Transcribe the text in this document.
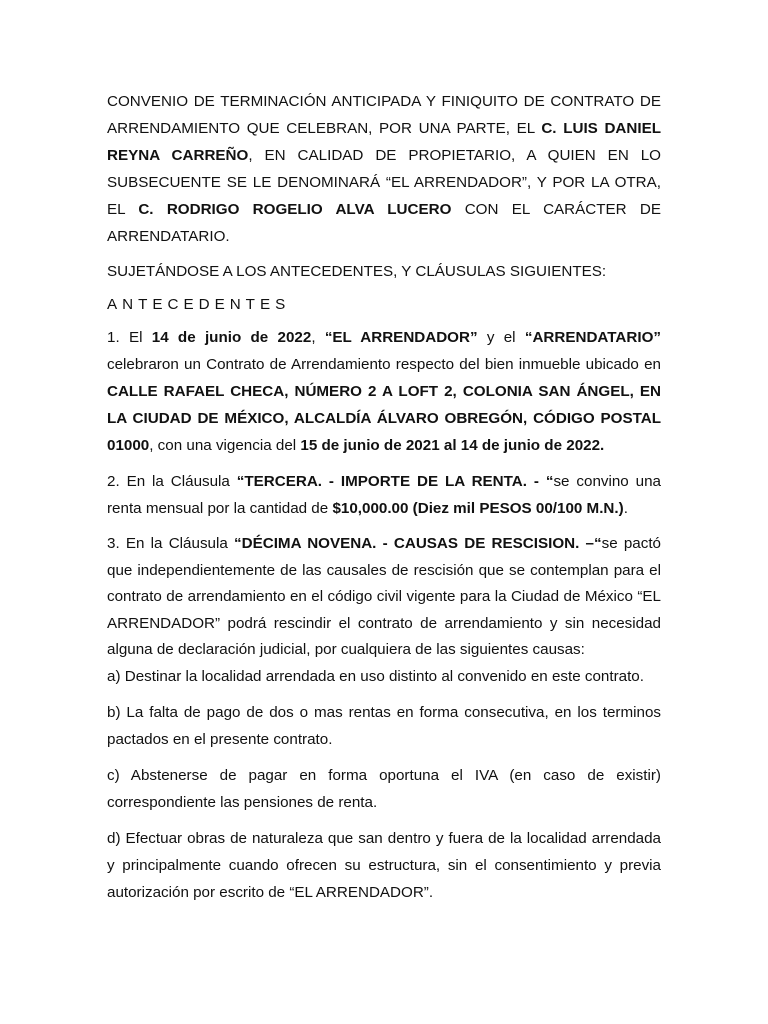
CONVENIO DE TERMINACIÓN ANTICIPADA Y FINIQUITO DE CONTRATO DE ARRENDAMIENTO QUE CELEBRAN, POR UNA PARTE, EL C. LUIS DANIEL REYNA CARREÑO, EN CALIDAD DE PROPIETARIO, A QUIEN EN LO SUBSECUENTE SE LE DENOMINARÁ “EL ARRENDADOR”, Y POR LA OTRA, EL C. RODRIGO ROGELIO ALVA LUCERO CON EL CARÁCTER DE ARRENDATARIO.

SUJETÁNDOSE A LOS ANTECEDENTES, Y CLÁUSULAS SIGUIENTES:

ANTECEDENTES

1. El 14 de junio de 2022, “EL ARRENDADOR” y el “ARRENDATARIO” celebraron un Contrato de Arrendamiento respecto del bien inmueble ubicado en CALLE RAFAEL CHECA, NÚMERO 2 A LOFT 2, COLONIA SAN ÁNGEL, EN LA CIUDAD DE MÉXICO, ALCALDÍA ÁLVARO OBREGÓN, CÓDIGO POSTAL 01000, con una vigencia del 15 de junio de 2021 al 14 de junio de 2022.

2. En la Cláusula “TERCERA. - IMPORTE DE LA RENTA. - “se convino una renta mensual por la cantidad de $10,000.00 (Diez mil PESOS 00/100 M.N.).

3. En la Cláusula “DÉCIMA NOVENA. - CAUSAS DE RESCISION. –“se pactó que independientemente de las causales de rescisión que se contemplan para el contrato de arrendamiento en el código civil vigente para la Ciudad de México “EL ARRENDADOR” podrá rescindir el contrato de arrendamiento y sin necesidad alguna de declaración judicial, por cualquiera de las siguientes causas:
a) Destinar la localidad arrendada en uso distinto al convenido en este contrato.

b) La falta de pago de dos o mas rentas en forma consecutiva, en los terminos pactados en el presente contrato.

c) Abstenerse de pagar en forma oportuna el IVA (en caso de existir) correspondiente las pensiones de renta.

d) Efectuar obras de naturaleza que san dentro y fuera de la localidad arrendada y principalmente cuando ofrecen su estructura, sin el consentimiento y previa autorización por escrito de “EL ARRENDADOR”.
